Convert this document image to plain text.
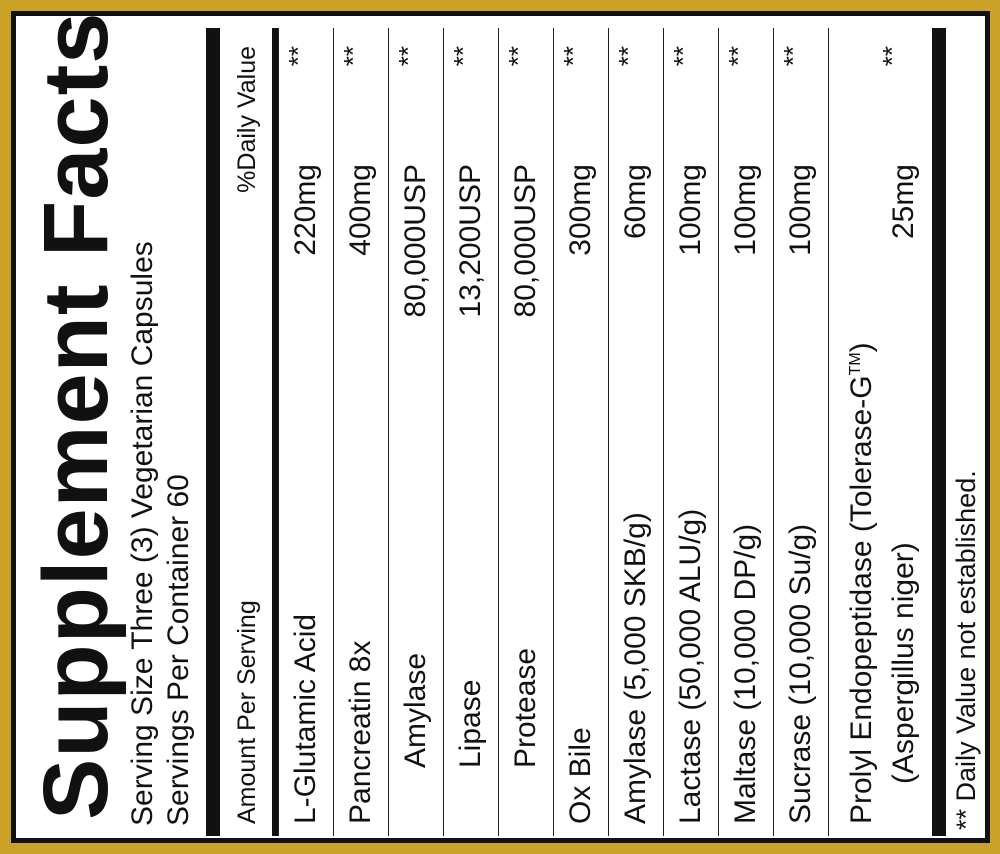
Supplement Facts Serving Size Three (3) Vegetarian Capsules Servings Per Container 60 Amount Per Serving
%Daily Value
L-Glutamic Acid
220mg
**
Pancreatin 8x
400mg
**
Amylase
80,000USP
**
Lipase
13,200USP
**
Protease
80,000USP
**
Ox Bile
300mg
**
Amylase (5,000 SKB/g)
60mg
**
Lactase (50,000 ALU/g)
100mg
**
Maltase (10,000 DP/g)
100mg
**
Sucrase (10,000 Su/g)
100mg
**
Prolyl Endopeptidase (Tolerase-G™)
(Aspergillus niger)
25mg
**
** Daily Value not established.
